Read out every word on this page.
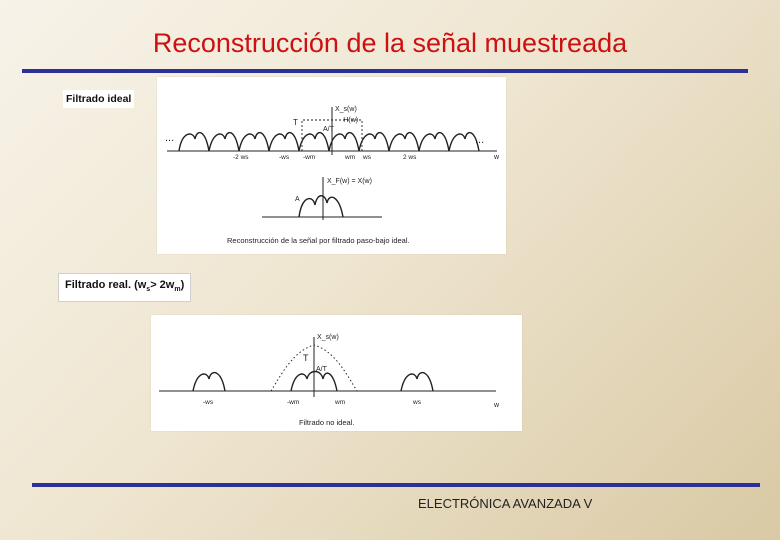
Reconstrucción de la señal muestreada
Filtrado ideal
...	...
X_s(w)
- H(w)
T
A/T
w
-2 ws	-ws -wm	wm ws	2 ws
X_F(w) = X(w)
A
Reconstrucción de la señal por filtrado paso-bajo ideal.
Filtrado real. $(w_s> 2w_m)$
X_s(w)
T
A/T
w
-ws	-wm	wm	ws
Filtrado no ideal.
ELECTRÓNICA AVANZADA V
